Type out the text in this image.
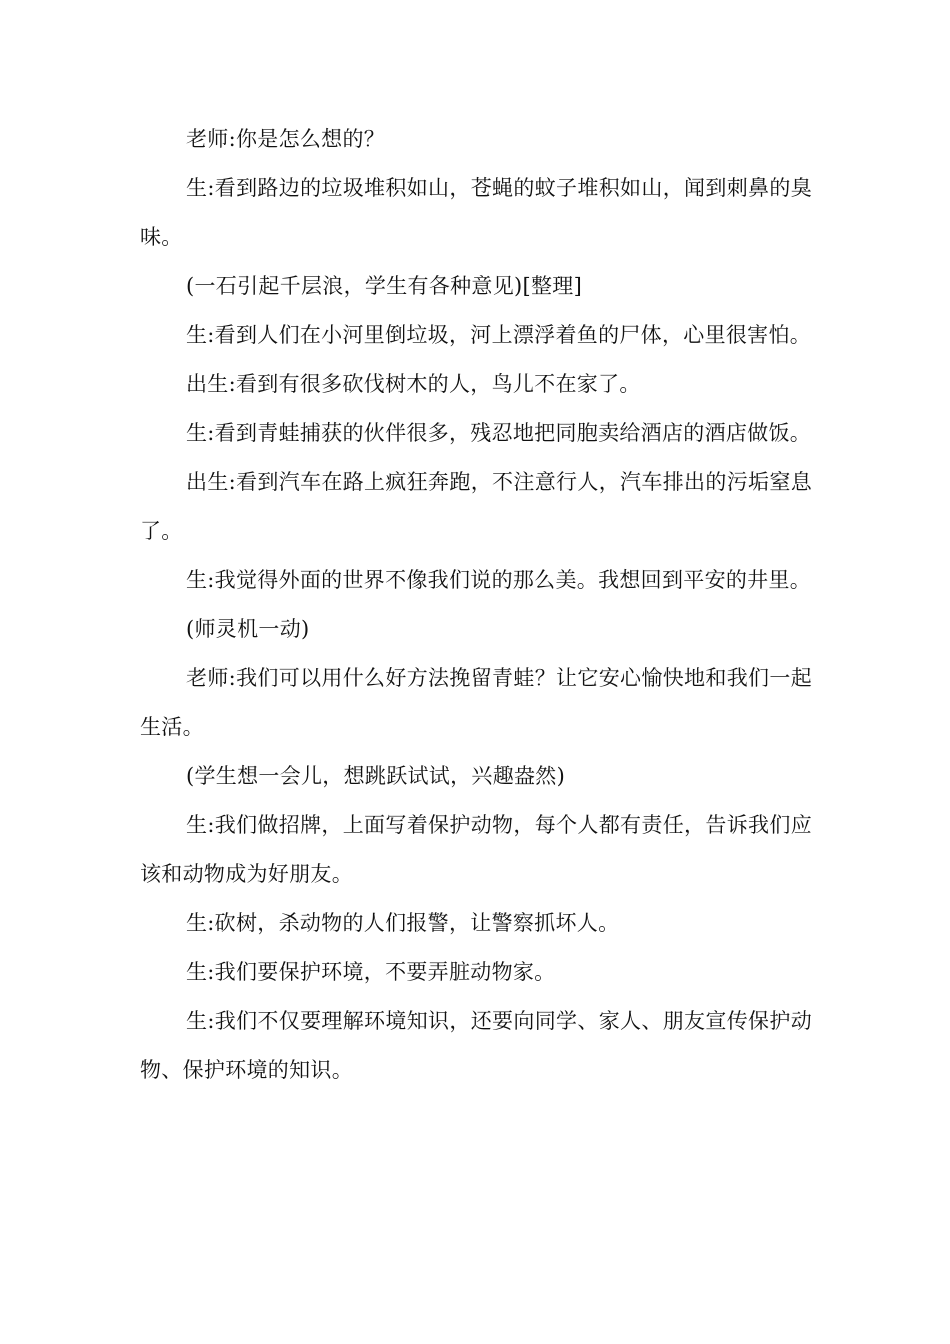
老师:你是怎么想的？

生:看到路边的垃圾堆积如山，苍蝇的蚊子堆积如山，闻到刺鼻的臭味。

(一石引起千层浪，学生有各种意见)[整理]

生:看到人们在小河里倒垃圾，河上漂浮着鱼的尸体，心里很害怕。

出生:看到有很多砍伐树木的人，鸟儿不在家了。

生:看到青蛙捕获的伙伴很多，残忍地把同胞卖给酒店的酒店做饭。

出生:看到汽车在路上疯狂奔跑，不注意行人，汽车排出的污垢窒息了。

生:我觉得外面的世界不像我们说的那么美。我想回到平安的井里。

(师灵机一动)

老师:我们可以用什么好方法挽留青蛙？让它安心愉快地和我们一起生活。

(学生想一会儿，想跳跃试试，兴趣盎然)

生:我们做招牌，上面写着保护动物，每个人都有责任，告诉我们应该和动物成为好朋友。

生:砍树，杀动物的人们报警，让警察抓坏人。

生:我们要保护环境，不要弄脏动物家。

生:我们不仅要理解环境知识，还要向同学、家人、朋友宣传保护动物、保护环境的知识。
